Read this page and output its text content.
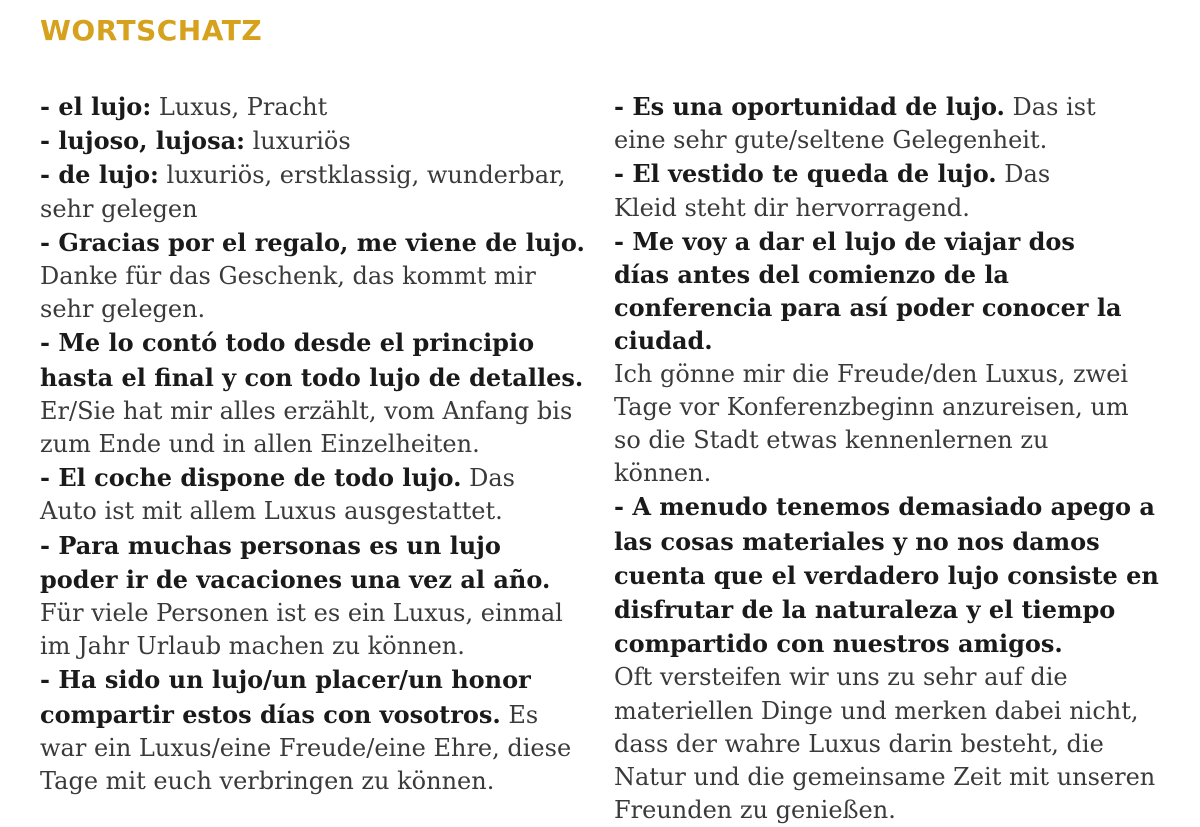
WORTSCHATZ

- el lujo: Luxus, Pracht

- lujoso, lujosa: luxuriös

- de lujo: luxuriös, erstklassig, wunderbar, sehr gelegen

- Gracias por el regalo, me viene de lujo.
Danke für das Geschenk, das kommt mir sehr gelegen.

- Me lo contó todo desde el principio hasta el final y con todo lujo de detalles.
Er/Sie hat mir alles erzählt, vom Anfang bis zum Ende und in allen Einzelheiten.

- El coche dispone de todo lujo. Das Auto ist mit allem Luxus ausgestattet.

- Para muchas personas es un lujo poder ir de vacaciones una vez al año. Für viele Personen ist es ein Luxus, einmal im Jahr Urlaub machen zu können.

- Ha sido un lujo/un placer/un honor compartir estos días con vosotros. Es war ein Luxus/eine Freude/eine Ehre, diese Tage mit euch verbringen zu können.

- Es una oportunidad de lujo. Das ist eine sehr gute/seltene Gelegenheit.

- El vestido te queda de lujo. Das Kleid steht dir hervorragend.

- Me voy a dar el lujo de viajar dos días antes del comienzo de la conferencia para así poder conocer la ciudad.
Ich gönne mir die Freude/den Luxus, zwei Tage vor Konferenzbeginn anzureisen, um so die Stadt etwas kennenlernen zu können.

- A menudo tenemos demasiado apego a las cosas materiales y no nos damos cuenta que el verdadero lujo consiste en disfrutar de la naturaleza y el tiempo compartido con nuestros amigos.
Oft versteifen wir uns zu sehr auf die materiellen Dinge und merken dabei nicht, dass der wahre Luxus darin besteht, die Natur und die gemeinsame Zeit mit unseren Freunden zu genießen.
